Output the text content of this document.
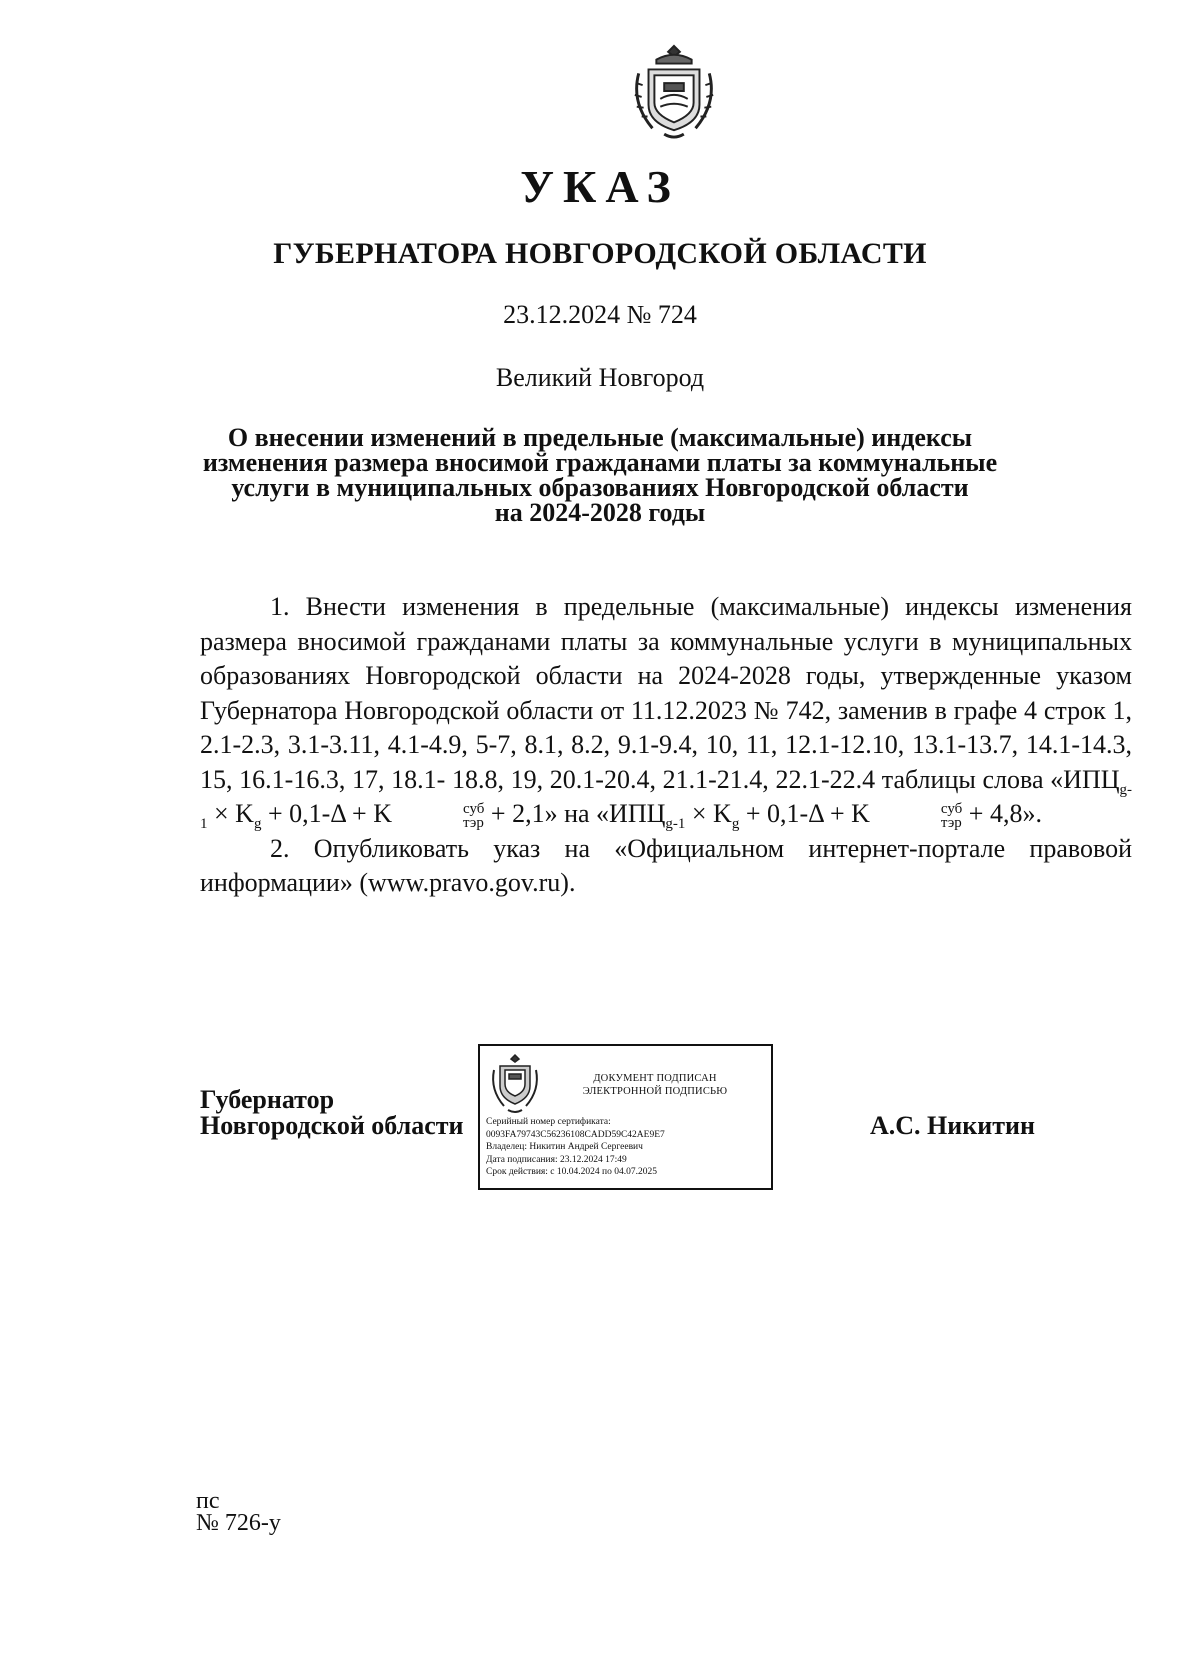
УКАЗ
ГУБЕРНАТОРА НОВГОРОДСКОЙ ОБЛАСТИ
23.12.2024 № 724
Великий Новгород
О внесении изменений в предельные (максимальные) индексы
изменения размера вносимой гражданами платы за коммунальные
услуги в муниципальных образованиях Новгородской области
на 2024-2028 годы

1. Внести изменения в предельные (максимальные) индексы изменения размера вносимой гражданами платы за коммунальные услуги в муниципальных образованиях Новгородской области на 2024-2028 годы, утвержденные указом Губернатора Новгородской области от 11.12.2023 № 742, заменив в графе 4 строк 1, 2.1-2.3, 3.1-3.11, 4.1-4.9, 5-7, 8.1, 8.2, 9.1-9.4, 10, 11, 12.1-12.10, 13.1-13.7, 14.1-14.3, 15, 16.1-16.3, 17, 18.1- 18.8, 19, 20.1-20.4, 21.1-21.4, 22.1-22.4 таблицы слова «$ИПЦ_{g-1} \times K_g + 0,1-\Delta + K$	суб
тэр + 2,1» на «$ИПЦ_{g-1} \times K_g + 0,1-\Delta + K$	суб
тэр + 4,8».

2. Опубликовать указ на «Официальном интернет-портале правовой информации» (www.pravo.gov.ru).

Губернатор
Новгородской области
ДОКУМЕНТ ПОДПИСАН
ЭЛЕКТРОННОЙ ПОДПИСЬЮ
Серийный номер сертификата:
0093FA79743C56236108CADD59C42AE9E7
Владелец: Никитин Андрей Сергеевич
Дата подписания: 23.12.2024 17:49
Срок действия: с 10.04.2024 по 04.07.2025
А.С. Никитин
пс
№ 726-у
